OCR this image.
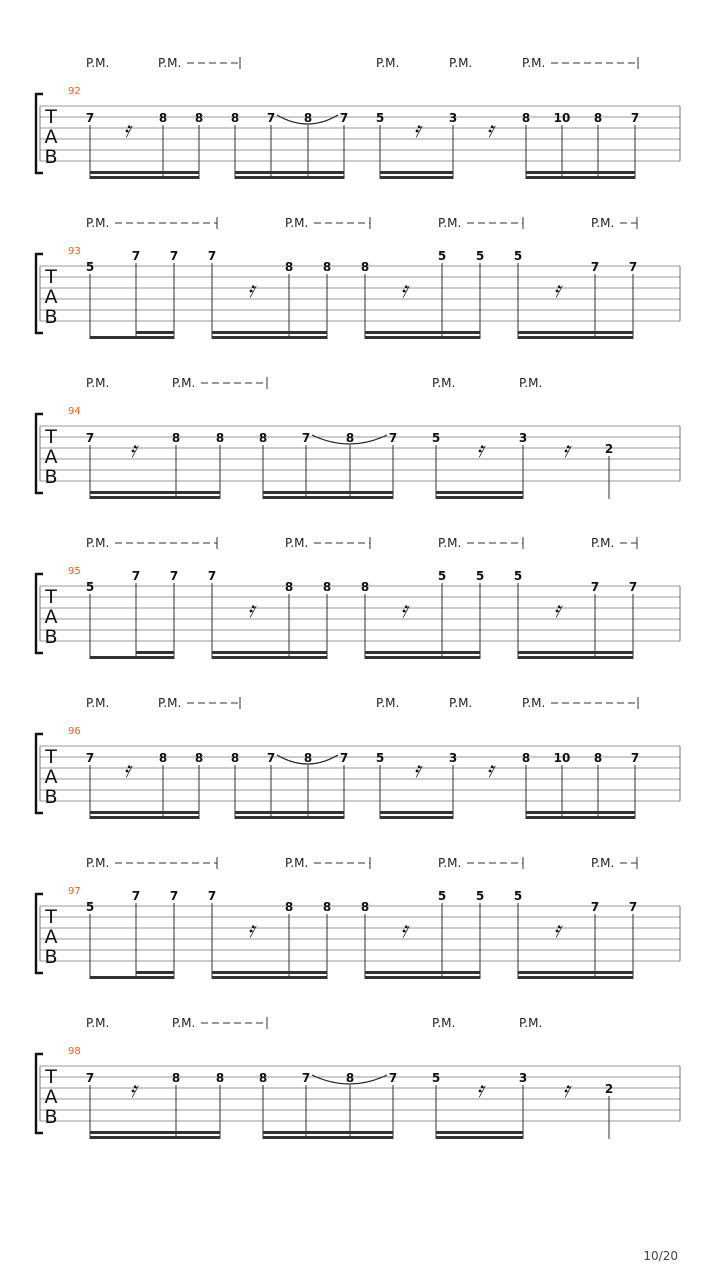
P.M.	P.M.	P.M.	P.M.	P.M.
92
T
A
B
7 𝄿 8 8 8 7 8 7 5 𝄿 3 𝄿 8 10 8 7
P.M.	P.M.	P.M.	P.M.
93
T
A
B
5
7 7 7
𝄿
8 8 8
𝄿
5 5 5
𝄿
7 7
P.M.	P.M.	P.M.	P.M.
94
T
A
B
7 𝄿	8	8	8	7	8	7	5 𝄿	3 𝄿	2
P.M.	P.M.	P.M.	P.M.
95
T
A
B
5
7 7 7
𝄿
8 8 8
𝄿
5 5 5
𝄿
7 7
P.M.	P.M.	P.M.	P.M.	P.M.
96
T
A
B
7 𝄿 8 8 8 7 8 7 5 𝄿 3 𝄿 8 10 8 7
P.M.	P.M.	P.M.	P.M.
97
T
A
B
5
7 7 7
𝄿
8 8 8
𝄿
5 5 5
𝄿
7 7
P.M.	P.M.	P.M.	P.M.
98
T
A
B
7 𝄿	8	8	8	7	8	7	5 𝄿	3 𝄿	2
10/20
